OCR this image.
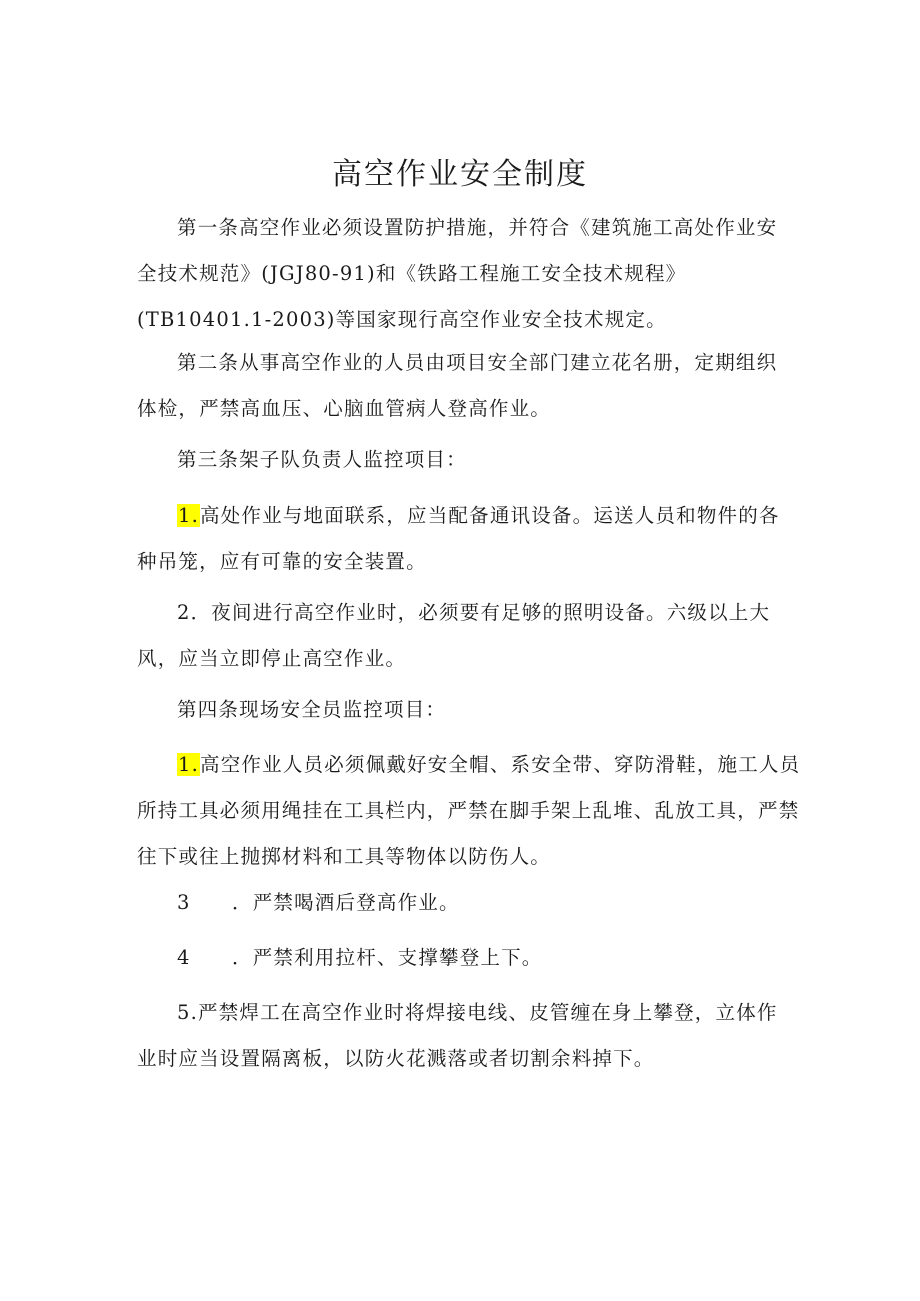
高空作业安全制度
第一条高空作业必须设置防护措施，并符合《建筑施工高处作业安
全技术规范》(JGJ80-91)和《铁路工程施工安全技术规程》
(TB10401.1-2003)等国家现行高空作业安全技术规定。
第二条从事高空作业的人员由项目安全部门建立花名册，定期组织
体检，严禁高血压、心脑血管病人登高作业。
第三条架子队负责人监控项目：
1.高处作业与地面联系，应当配备通讯设备。运送人员和物件的各
种吊笼，应有可靠的安全装置。
2．夜间进行高空作业时，必须要有足够的照明设备。六级以上大
风，应当立即停止高空作业。
第四条现场安全员监控项目：
1.高空作业人员必须佩戴好安全帽、系安全带、穿防滑鞋，施工人员
所持工具必须用绳挂在工具栏内，严禁在脚手架上乱堆、乱放工具，严禁
往下或往上抛掷材料和工具等物体以防伤人。
3　　．严禁喝酒后登高作业。
4　　．严禁利用拉杆、支撑攀登上下。
5.严禁焊工在高空作业时将焊接电线、皮管缠在身上攀登，立体作
业时应当设置隔离板，以防火花溅落或者切割余料掉下。
